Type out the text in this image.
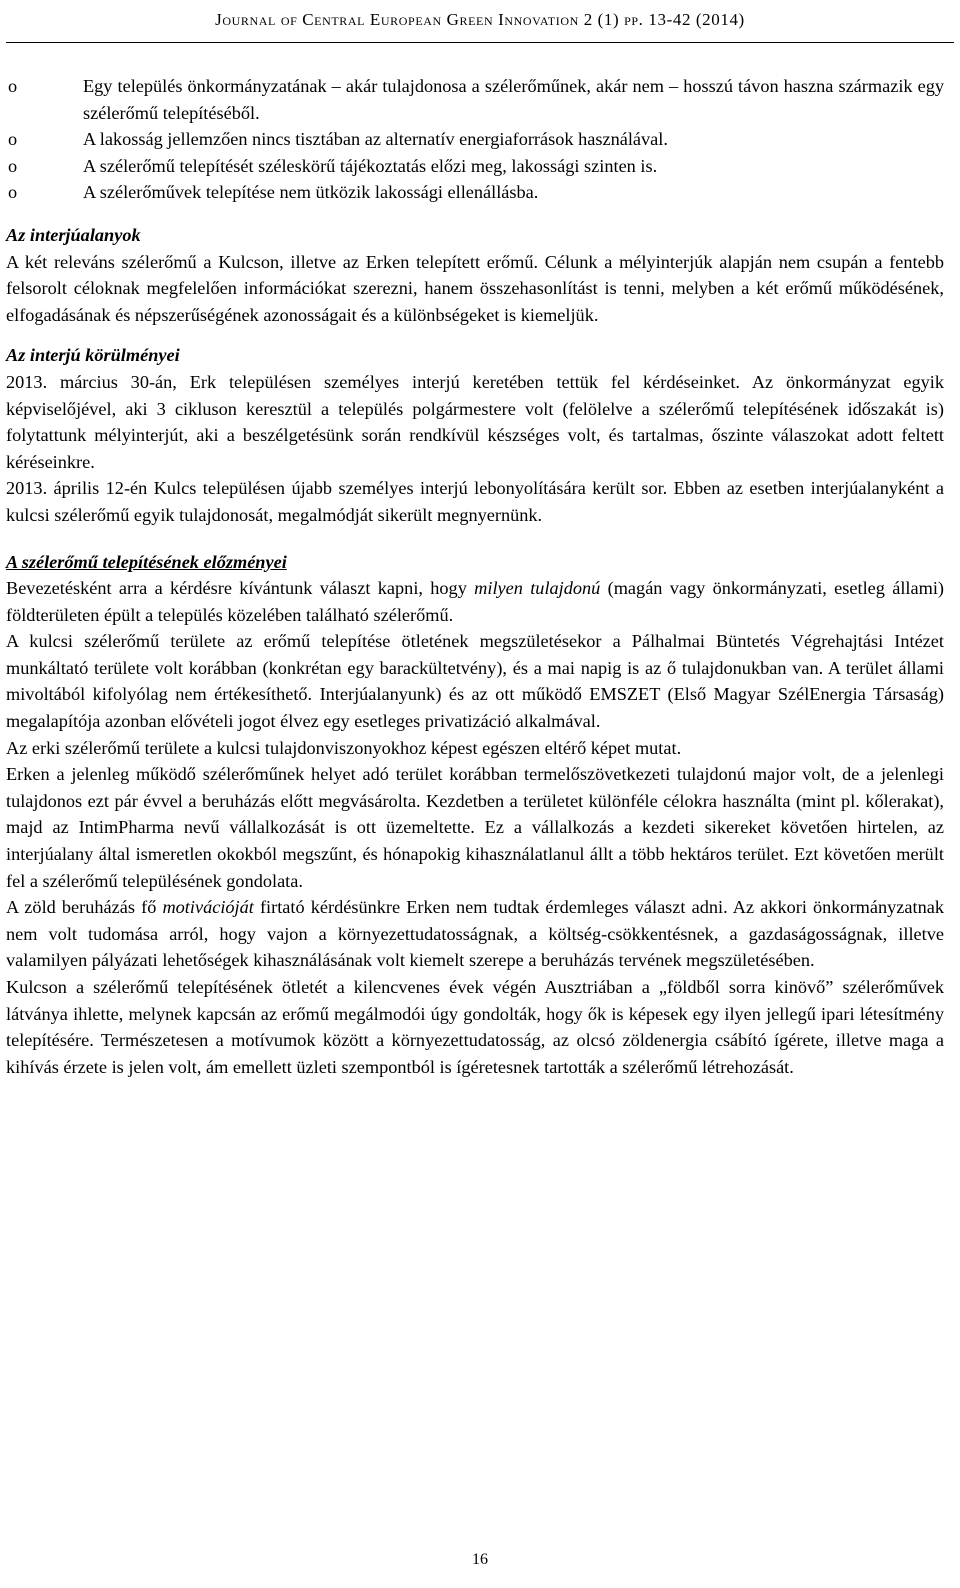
Journal of Central European Green Innovation 2 (1) pp. 13-42 (2014)
o	Egy település önkormányzatának – akár tulajdonosa a szélerőműnek, akár nem – hosszú távon haszna származik egy szélerőmű telepítéséből.
o	A lakosság jellemzően nincs tisztában az alternatív energiaforrások használával.
o	A szélerőmű telepítését széleskörű tájékoztatás előzi meg, lakossági szinten is.
o	A szélerőművek telepítése nem ütközik lakossági ellenállásba.
Az interjúalanyok

A két releváns szélerőmű a Kulcson, illetve az Erken telepített erőmű. Célunk a mélyinterjúk alapján nem csupán a fentebb felsorolt céloknak megfelelően információkat szerezni, hanem összehasonlítást is tenni, melyben a két erőmű működésének, elfogadásának és népszerűségének azonosságait és a különbségeket is kiemeljük.

Az interjú körülményei

2013. március 30-án, Erk településen személyes interjú keretében tettük fel kérdéseinket. Az önkormányzat egyik képviselőjével, aki 3 cikluson keresztül a település polgármestere volt (felölelve a szélerőmű telepítésének időszakát is) folytattunk mélyinterjút, aki a beszélgetésünk során rendkívül készséges volt, és tartalmas, őszinte válaszokat adott feltett kéréseinkre.

2013. április 12-én Kulcs településen újabb személyes interjú lebonyolítására került sor. Ebben az esetben interjúalanyként a kulcsi szélerőmű egyik tulajdonosát, megalmódját sikerült megnyernünk.

A szélerőmű telepítésének előzményei

Bevezetésként arra a kérdésre kívántunk választ kapni, hogy milyen tulajdonú (magán vagy önkormányzati, esetleg állami) földterületen épült a település közelében található szélerőmű.

A kulcsi szélerőmű területe az erőmű telepítése ötletének megszületésekor a Pálhalmai Büntetés Végrehajtási Intézet munkáltató területe volt korábban (konkrétan egy barackültetvény), és a mai napig is az ő tulajdonukban van. A terület állami mivoltából kifolyólag nem értékesíthető. Interjúalanyunk) és az ott működő EMSZET (Első Magyar SzélEnergia Társaság) megalapítója azonban elővételi jogot élvez egy esetleges privatizáció alkalmával.

Az erki szélerőmű területe a kulcsi tulajdonviszonyokhoz képest egészen eltérő képet mutat.

Erken a jelenleg működő szélerőműnek helyet adó terület korábban termelőszövetkezeti tulajdonú major volt, de a jelenlegi tulajdonos ezt pár évvel a beruházás előtt megvásárolta. Kezdetben a területet különféle célokra használta (mint pl. kőlerakat), majd az IntimPharma nevű vállalkozását is ott üzemeltette. Ez a vállalkozás a kezdeti sikereket követően hirtelen, az interjúalany által ismeretlen okokból megszűnt, és hónapokig kihasználatlanul állt a több hektáros terület. Ezt követően merült fel a szélerőmű településének gondolata.

A zöld beruházás fő motivációját firtató kérdésünkre Erken nem tudtak érdemleges választ adni. Az akkori önkormányzatnak nem volt tudomása arról, hogy vajon a környezettudatosságnak, a költség-csökkentésnek, a gazdaságosságnak, illetve valamilyen pályázati lehetőségek kihasználásának volt kiemelt szerepe a beruházás tervének megszületésében.

Kulcson a szélerőmű telepítésének ötletét a kilencvenes évek végén Ausztriában a „földből sorra kinövő” szélerőművek látványa ihlette, melynek kapcsán az erőmű megálmodói úgy gondolták, hogy ők is képesek egy ilyen jellegű ipari létesítmény telepítésére. Természetesen a motívumok között a környezettudatosság, az olcsó zöldenergia csábító ígérete, illetve maga a kihívás érzete is jelen volt, ám emellett üzleti szempontból is ígéretesnek tartották a szélerőmű létrehozását.

16
